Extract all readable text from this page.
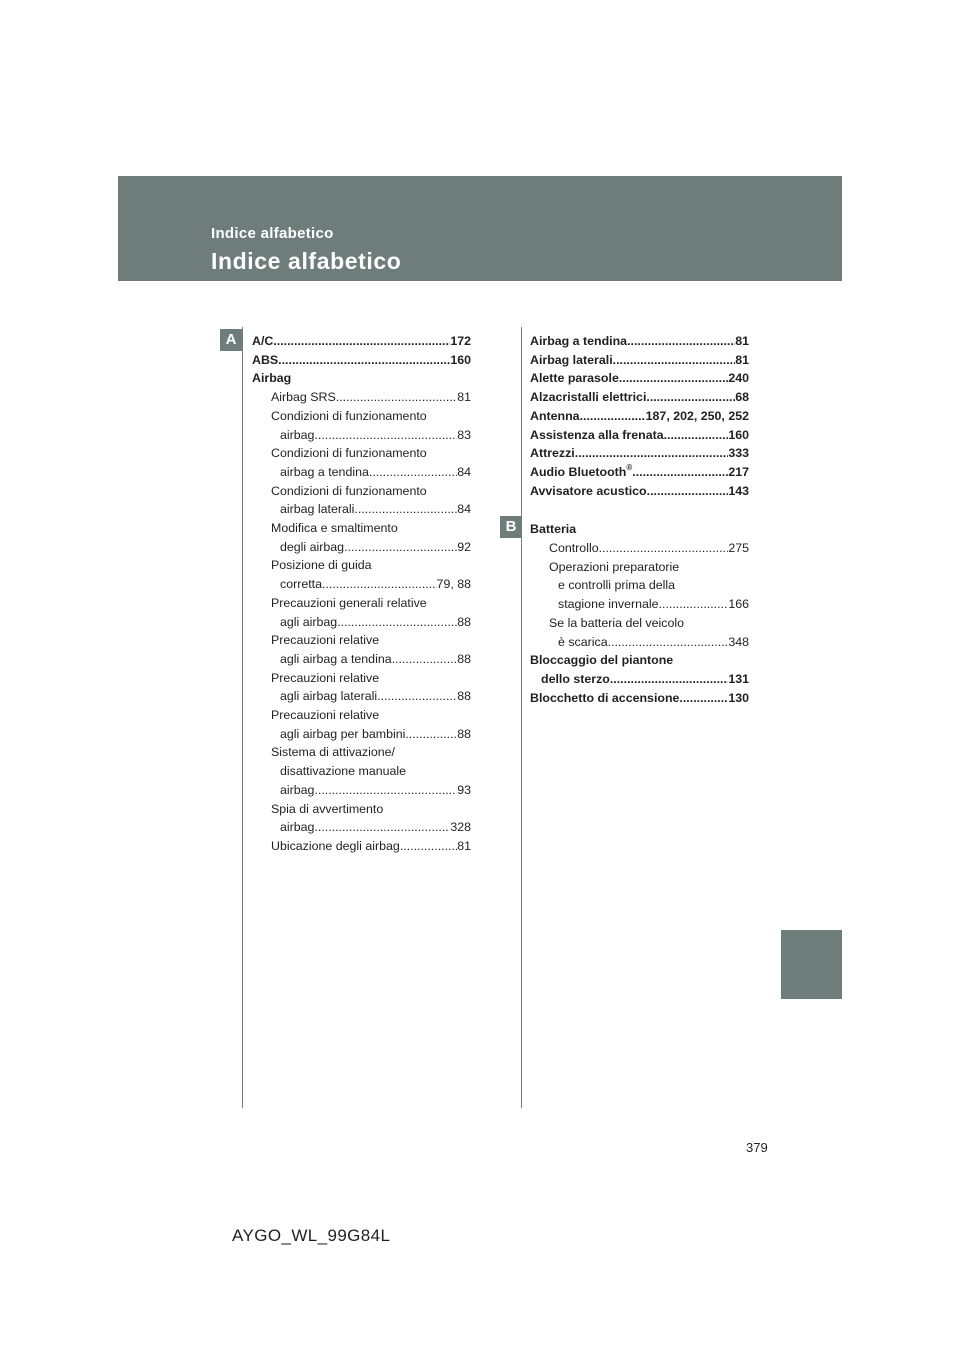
Indice alfabetico
Indice alfabetico
A
B
A/C .....	172
ABS .....	160
Airbag
Airbag SRS .....	81
Condizioni di funzionamento
airbag .....	83
Condizioni di funzionamento
airbag a tendina .....	84
Condizioni di funzionamento
airbag laterali .....	84
Modifica e smaltimento
degli airbag .....	92
Posizione di guida
corretta .....	79, 88
Precauzioni generali relative
agli airbag .....	88
Precauzioni relative
agli airbag a tendina .....	88
Precauzioni relative
agli airbag laterali .....	88
Precauzioni relative
agli airbag per bambini .....	88
Sistema di attivazione/
disattivazione manuale
airbag .....	93
Spia di avvertimento
airbag .....	328
Ubicazione degli airbag .....	81
Airbag a tendina .....	81
Airbag laterali .....	81
Alette parasole .....	240
Alzacristalli elettrici .....	68
Antenna .....	187, 202, 250, 252
Assistenza alla frenata .....	160
Attrezzi .....	333
Audio Bluetooth® .....	217
Avvisatore acustico .....	143
Batteria
Controllo .....	275
Operazioni preparatorie
e controlli prima della
stagione invernale .....	166
Se la batteria del veicolo
è scarica .....	348
Bloccaggio del piantone
dello sterzo .....	131
Blocchetto di accensione .....	130
379
AYGO_WL_99G84L
